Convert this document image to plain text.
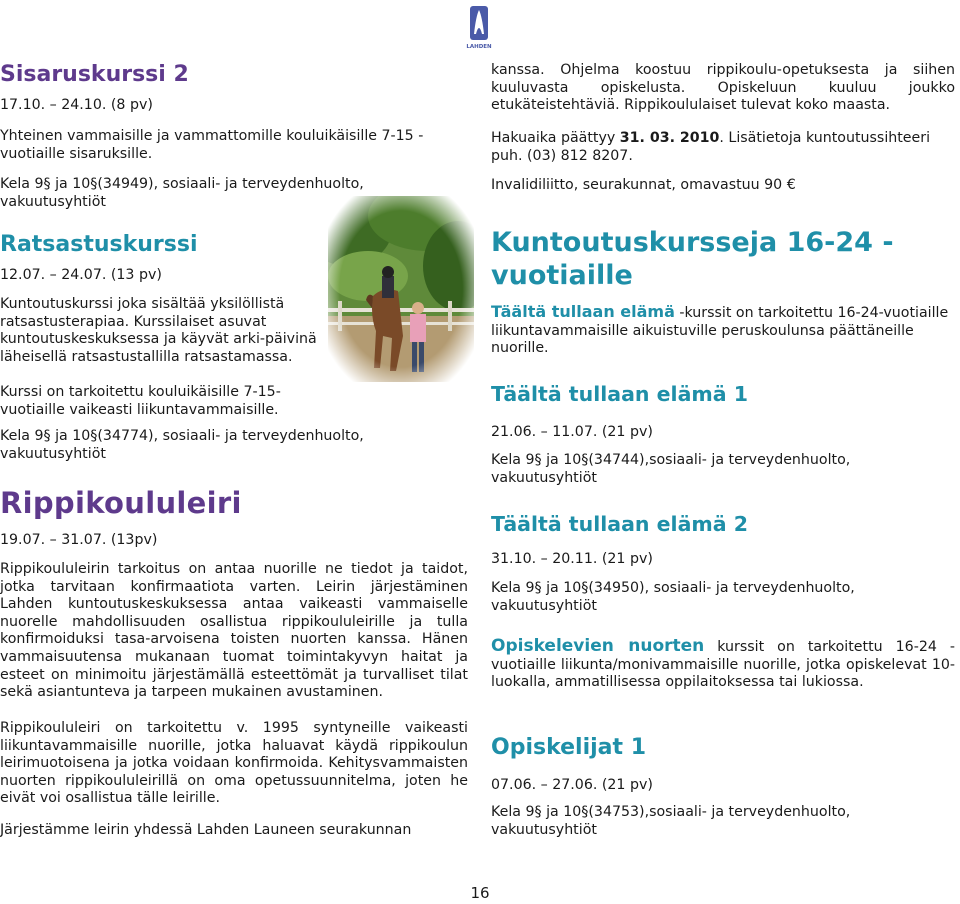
LAHDEN
Sisaruskurssi 2

17.10. – 24.10. (8 pv)

Yhteinen vammaisille ja vammattomille kouluikäisille 7-15 -vuotiaille sisaruksille.

Kela 9§ ja 10§(34949), sosiaali- ja terveydenhuolto, vakuutusyhtiöt

Ratsastuskurssi

12.07. – 24.07. (13 pv)

Kuntoutuskurssi joka sisältää yksilöllistä ratsastusterapiaa. Kurssilaiset asuvat kuntoutuskeskuksessa ja käyvät arki-päivinä läheisellä ratsastustallilla ratsastamassa.

Kurssi on tarkoitettu kouluikäisille 7-15-vuotiaille vaikeasti liikuntavammaisille.

Kela 9§ ja 10§(34774), sosiaali- ja terveydenhuolto, vakuutusyhtiöt

Rippikoululeiri

19.07. – 31.07. (13pv)

Rippikoululeirin tarkoitus on antaa nuorille ne tiedot ja taidot, jotka tarvitaan konfirmaatiota varten. Leirin järjestäminen Lahden kuntoutuskeskuksessa antaa vaikeasti vammaiselle nuorelle mahdollisuuden osallistua rippikoululeirille ja tulla konfirmoiduksi tasa-arvoisena toisten nuorten kanssa. Hänen vammaisuutensa mukanaan tuomat toimintakyvyn haitat ja esteet on minimoitu järjestämällä esteettömät ja turvalliset tilat sekä asiantunteva ja tarpeen mukainen avustaminen.

Rippikoululeiri on tarkoitettu v. 1995 syntyneille vaikeasti liikuntavammaisille nuorille, jotka haluavat käydä rippikoulun leirimuotoisena ja jotka voidaan konfirmoida. Kehitysvammaisten nuorten rippikoululeirillä on oma opetussuunnitelma, joten he eivät voi osallistua tälle leirille.

Järjestämme leirin yhdessä Lahden Launeen seurakunnan

kanssa. Ohjelma koostuu rippikoulu-opetuksesta ja siihen kuuluvasta opiskelusta. Opiskeluun kuuluu joukko etukäteistehtäviä. Rippikoululaiset tulevat koko maasta.

Hakuaika päättyy 31. 03. 2010. Lisätietoja kuntoutussihteeri puh. (03) 812 8207.

Invalidiliitto, seurakunnat, omavastuu 90 €

Kuntoutuskursseja 16-24 -vuotiaille

Täältä tullaan elämä -kurssit on tarkoitettu 16-24-vuotiaille liikuntavammaisille aikuistuville peruskoulunsa päättäneille nuorille.

Täältä tullaan elämä 1

21.06. – 11.07. (21 pv)

Kela 9§ ja 10§(34744),sosiaali- ja terveydenhuolto, vakuutusyhtiöt

Täältä tullaan elämä 2

31.10. – 20.11. (21 pv)

Kela 9§ ja 10§(34950), sosiaali- ja terveydenhuolto, vakuutusyhtiöt

Opiskelevien nuorten kurssit on tarkoitettu 16-24 -vuotiaille liikunta/monivammaisille nuorille, jotka opiskelevat 10-luokalla, ammatillisessa oppilaitoksessa tai lukiossa.

Opiskelijat 1

07.06. – 27.06. (21 pv)

Kela 9§ ja 10§(34753),sosiaali- ja terveydenhuolto, vakuutusyhtiöt

16
